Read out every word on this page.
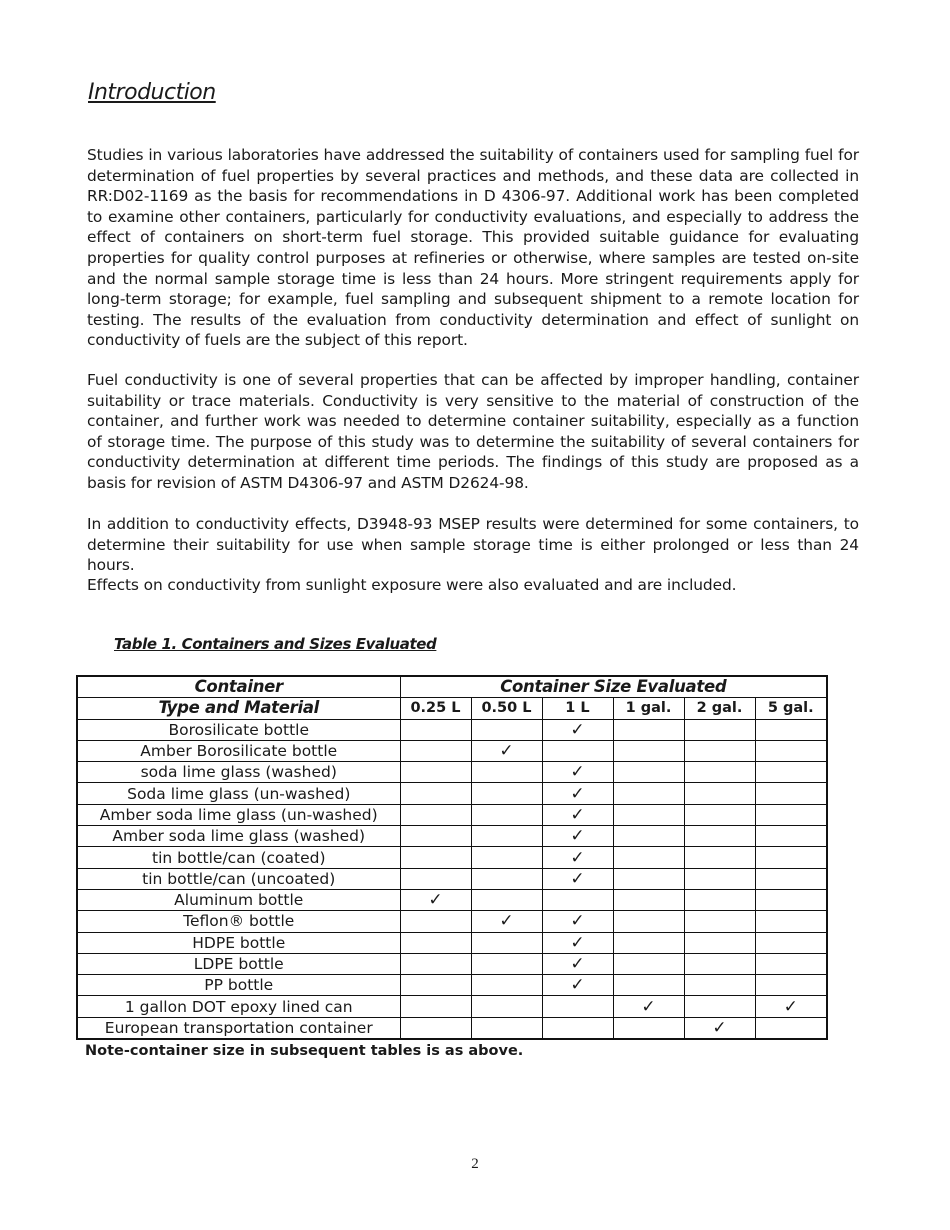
Introduction

Studies in various laboratories have addressed the suitability of containers used for sampling fuel for determination of fuel properties by several practices and methods, and these data are collected in RR:D02-1169 as the basis for recommendations in D 4306-97. Additional work has been completed to examine other containers, particularly for conductivity evaluations, and especially to address the effect of containers on short-term fuel storage. This provided suitable guidance for evaluating properties for quality control purposes at refineries or otherwise, where samples are tested on-site and the normal sample storage time is less than 24 hours. More stringent requirements apply for long-term storage; for example, fuel sampling and subsequent shipment to a remote location for testing. The results of the evaluation from conductivity determination and effect of sunlight on conductivity of fuels are the subject of this report.

Fuel conductivity is one of several properties that can be affected by improper handling, container suitability or trace materials. Conductivity is very sensitive to the material of construction of the container, and further work was needed to determine container suitability, especially as a function of storage time. The purpose of this study was to determine the suitability of several containers for conductivity determination at different time periods. The findings of this study are proposed as a basis for revision of ASTM D4306-97 and ASTM D2624-98.

In addition to conductivity effects, D3948-93 MSEP results were determined for some containers, to determine their suitability for use when sample storage time is either prolonged or less than 24 hours.

Effects on conductivity from sunlight exposure were also evaluated and are included.

Table 1. Containers and Sizes Evaluated
Container	Container Size Evaluated					
Type and Material	0.25 L	0.50 L	1 L	1 gal.	2 gal.	5 gal.
Borosilicate bottle			✓			
Amber Borosilicate bottle		✓				
soda lime glass (washed)			✓			
Soda lime glass (un-washed)			✓			
Amber soda lime glass (un-washed)			✓			
Amber soda lime glass (washed)			✓			
tin bottle/can (coated)			✓			
tin bottle/can (uncoated)			✓			
Aluminum bottle	✓					
Teflon® bottle		✓	✓			
HDPE bottle			✓			
LDPE bottle			✓			
PP bottle			✓			
1 gallon DOT epoxy lined can				✓		✓
European transportation container					✓	
Note-container size in subsequent tables is as above.
2
